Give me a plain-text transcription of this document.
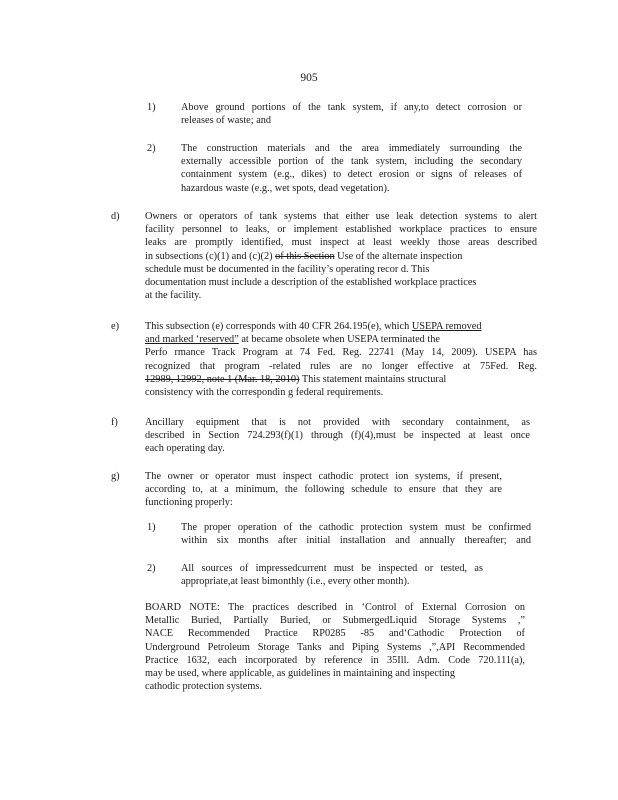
905
1) Above ground portions of the tank system, if any,to detect corrosion or
releases of waste; and
2) The construction materials and the area immediately surrounding the
externally accessible portion of the tank system, including the secondary
containment system (e.g., dikes) to detect erosion or signs of releases of
hazardous waste (e.g., wet spots, dead vegetation).
d) Owners or operators of tank systems that either use leak detection systems to alert
facility personnel to leaks, or implement established workplace practices to ensure
leaks are promptly identified, must inspect at least weekly those areas described
in subsections (c)(1) and (c)(2) of this Section Use of the alternate inspection
schedule must be documented in the facility’s operating recor d. This
documentation must include a description of the established workplace practices
at the facility.
e)	This subsection (e) corresponds with 40 CFR 264.195(e), which USEPA removed
and marked ‘reserved” at became obsolete when USEPA terminated the
Perfo rmance Track Program at 74 Fed. Reg. 22741 (May 14, 2009). USEPA has
recognized that program -related rules are no longer effective at 75Fed. Reg.
12989, 12992, note 1 (Mar. 18, 2010) This statement maintains structural
consistency with the correspondin g federal requirements.
f)	Ancillary equipment that is not provided with secondary containment, as
described in Section 724.293(f)(1) through (f)(4),must be inspected at least once
each operating day.
g) The owner or operator must inspect cathodic protect ion systems, if present,
according to, at a minimum, the following schedule to ensure that they are
functioning properly:
1) The proper operation of the cathodic protection system must be confirmed
within six months after initial installation and annually thereafter; and
2) All sources of impressedcurrent must be inspected or tested, as
appropriate,at least bimonthly (i.e., every other month).
BOARD NOTE: The practices described in ‘Control of External Corrosion on
Metallic Buried, Partially Buried, or SubmergedLiquid Storage Systems ,”
NACE Recommended Practice RP0285 -85 and‘Cathodic Protection of
Underground Petroleum Storage Tanks and Piping Systems ,”,API Recommended
Practice 1632, each incorporated by reference in 35Ill. Adm. Code 720.111(a),
may be used, where applicable, as guidelines in maintaining and inspecting
cathodic protection systems.
